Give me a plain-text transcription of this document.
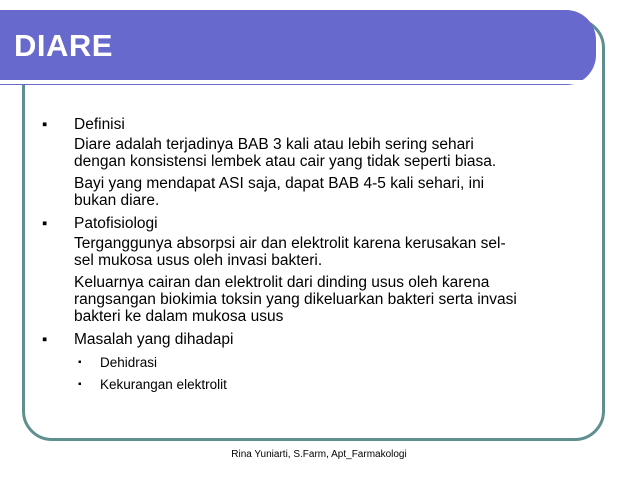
DIARE
▪	Definisi
Diare adalah terjadinya BAB 3 kali atau lebih sering sehari
dengan konsistensi lembek atau cair yang tidak seperti biasa.
Bayi yang mendapat ASI saja, dapat BAB 4-5 kali sehari, ini
bukan diare.
▪	Patofisiologi
Terganggunya absorpsi air dan elektrolit karena kerusakan sel-
sel mukosa usus oleh invasi bakteri.
Keluarnya cairan dan elektrolit dari dinding usus oleh karena
rangsangan biokimia toksin yang dikeluarkan bakteri serta invasi
bakteri ke dalam mukosa usus
▪	Masalah yang dihadapi
▪	Dehidrasi
▪	Kekurangan elektrolit
Rina Yuniarti, S.Farm, Apt_Farmakologi
